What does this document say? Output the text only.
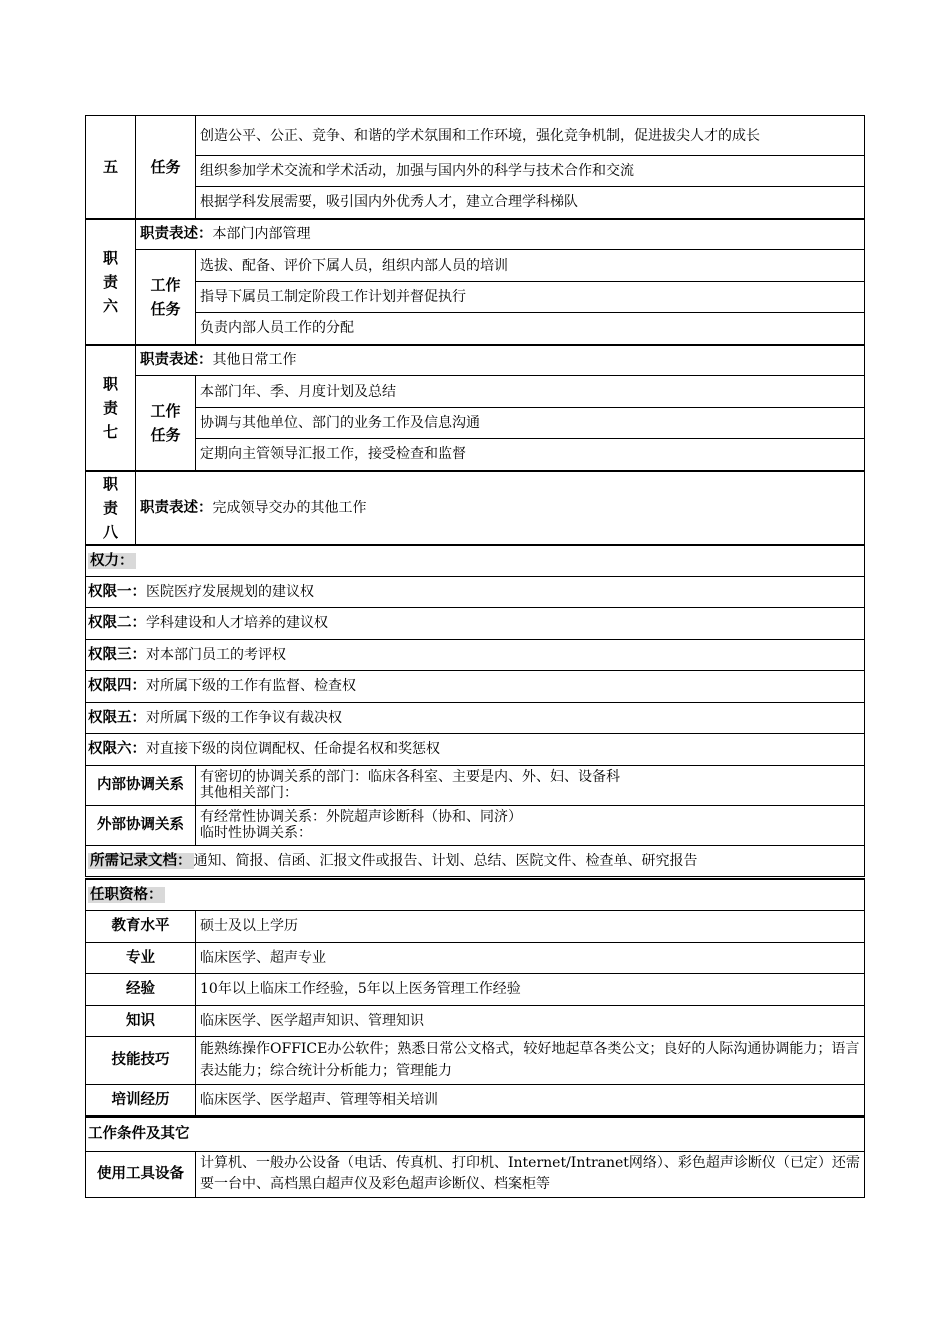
五	任务	创造公平、公正、竞争、和谐的学术氛围和工作环境，强化竞争机制，促进拔尖人才的成长
		组织参加学术交流和学术活动，加强与国内外的科学与技术合作和交流
		根据学科发展需要，吸引国内外优秀人才，建立合理学科梯队

职责六	职责表述：本部门内部管理	

	工作任务	选拔、配备、评价下属人员，组织内部人员的培训
		指导下属员工制定阶段工作计划并督促执行
		负责内部人员工作的分配

职责七	职责表述：其他日常工作	

	工作任务	本部门年、季、月度计划及总结
		协调与其他单位、部门的业务工作及信息沟通
		定期向主管领导汇报工作，接受检查和监督

职责八	职责表述：完成领导交办的其他工作	
权力：	
权限一：医院医疗发展规划的建议权	
权限二：学科建设和人才培养的建议权	
权限三：对本部门员工的考评权	
权限四：对所属下级的工作有监督、检查权	
权限五：对所属下级的工作争议有裁决权	
权限六：对直接下级的岗位调配权、任命提名权和奖惩权	
内部协调关系	有密切的协调关系的部门：临床各科室、主要是内、外、妇、设备科
其他相关部门：

外部协调关系	有经常性协调关系：外院超声诊断科（协和、同济）
临时性协调关系：

所需记录文档： 通知、简报、信函、汇报文件或报告、计划、总结、医院文件、检查单、研究报告	
任职资格：	
教育水平	硕士及以上学历
专业	临床医学、超声专业
经验	10年以上临床工作经验，5年以上医务管理工作经验
知识	临床医学、医学超声知识、管理知识
技能技巧	能熟练操作OFFICE办公软件；熟悉日常公文格式，较好地起草各类公文；良好的人际沟通协调能力；语言表达能力；综合统计分析能力；管理能力
培训经历	临床医学、医学超声、管理等相关培训
工作条件及其它
使用工具设备	计算机、一般办公设备（电话、传真机、打印机、Internet/Intranet网络）、彩色超声诊断仪（已定）还需要一台中、高档黑白超声仪及彩色超声诊断仪、档案柜等
